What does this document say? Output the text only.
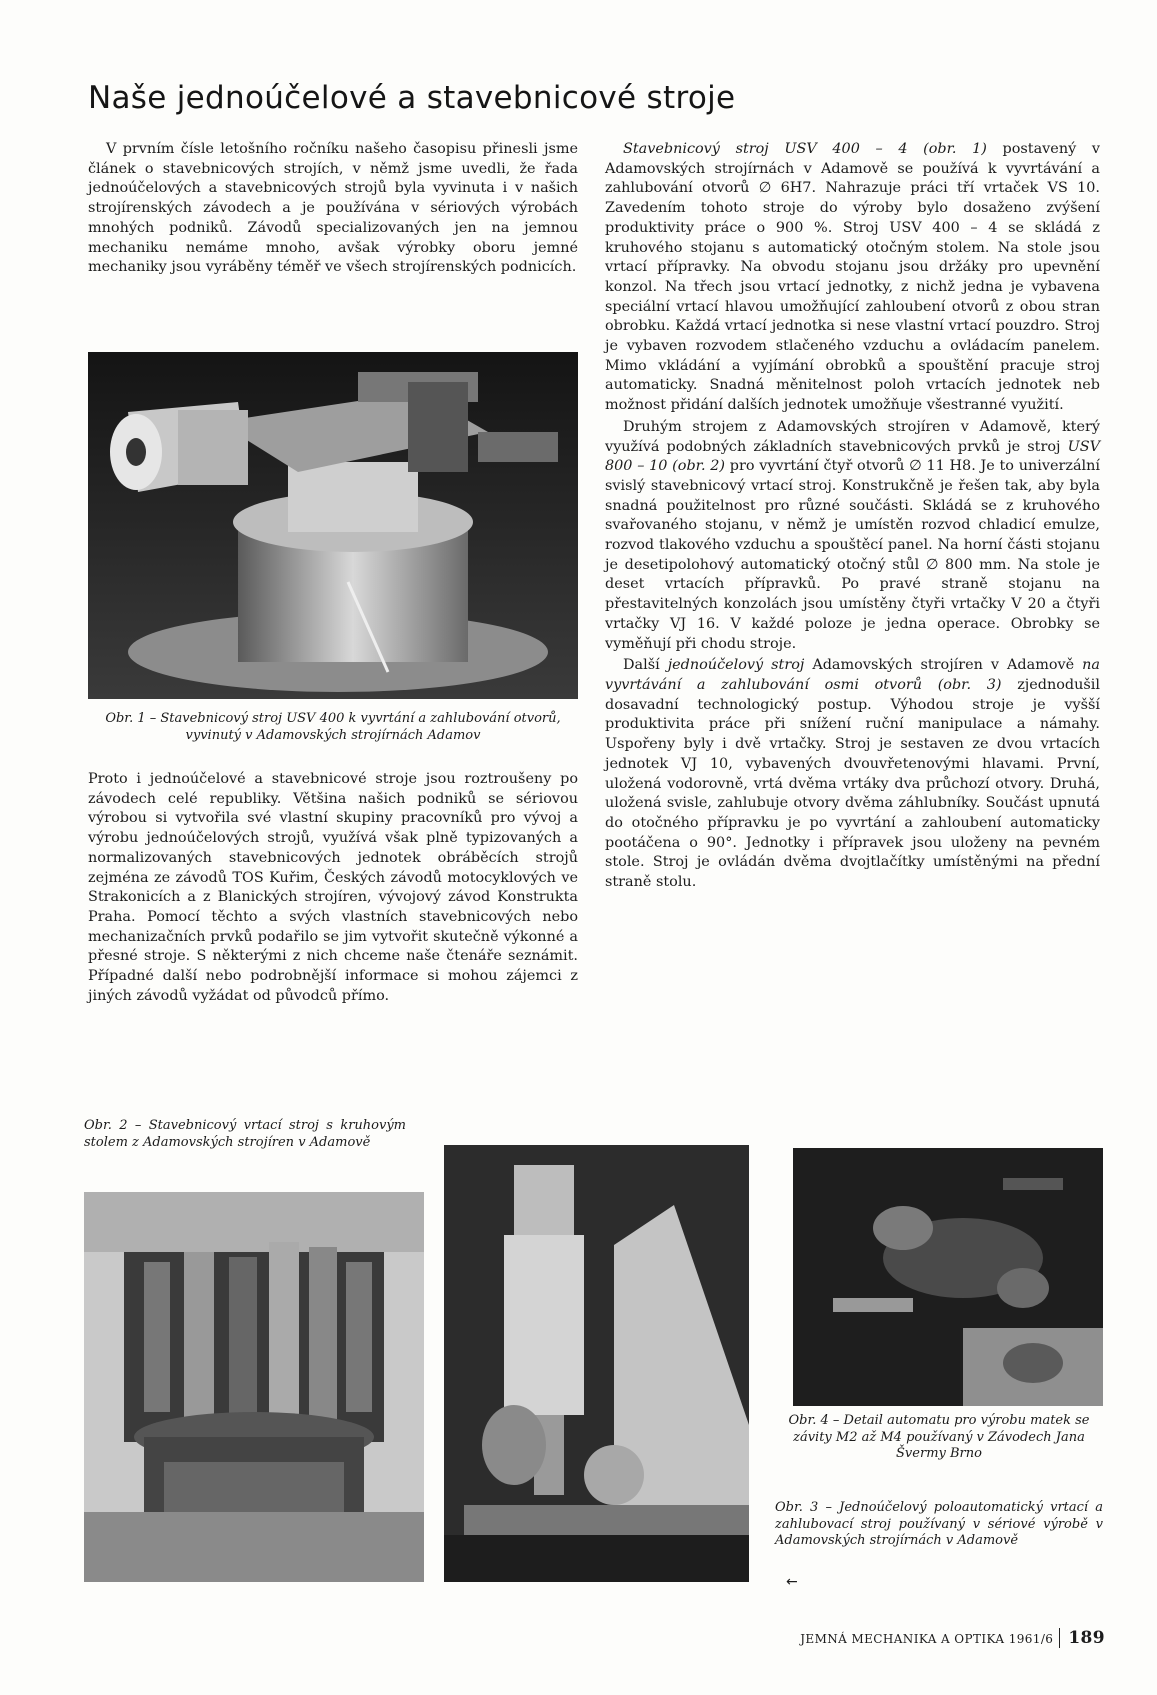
Naše jednoúčelové a stavebnicové stroje

V prvním čísle letošního ročníku našeho časopisu přinesli jsme článek o stavebnicových strojích, v němž jsme uvedli, že řada jednoúčelových a stavebnicových strojů byla vyvinuta i v našich strojírenských závodech a je používána v sériových výrobách mnohých podniků. Závodů specializovaných jen na jemnou mechaniku nemáme mnoho, avšak výrobky oboru jemné mechaniky jsou vyráběny téměř ve všech strojírenských podnicích.

Obr. 1 – Stavebnicový stroj USV 400 k vyvrtání a zahlubování otvorů, vyvinutý v Adamovských strojírnách Adamov

Proto i jednoúčelové a stavebnicové stroje jsou roztroušeny po závodech celé republiky. Většina našich podniků se sériovou výrobou si vytvořila své vlastní skupiny pracovníků pro vývoj a výrobu jednoúčelových strojů, využívá však plně typizovaných a normalizovaných stavebnicových jednotek obráběcích strojů zejména ze závodů TOS Kuřim, Českých závodů motocyklových ve Strakonicích a z Blanických strojíren, vývojový závod Konstrukta Praha. Pomocí těchto a svých vlastních stavebnicových nebo mechanizačních prvků podařilo se jim vytvořit skutečně výkonné a přesné stroje. S některými z nich chceme naše čtenáře seznámit. Případné další nebo podrobnější informace si mohou zájemci z jiných závodů vyžádat od původců přímo.

Stavebnicový stroj USV 400 – 4 (obr. 1) postavený v Adamovských strojírnách v Adamově se používá k vyvrtávání a zahlubování otvorů ∅ 6H7. Nahrazuje práci tří vrtaček VS 10. Zavedením tohoto stroje do výroby bylo dosaženo zvýšení produktivity práce o 900 %. Stroj USV 400 – 4 se skládá z kruhového stojanu s automatický otočným stolem. Na stole jsou vrtací přípravky. Na obvodu stojanu jsou držáky pro upevnění konzol. Na třech jsou vrtací jednotky, z nichž jedna je vybavena speciální vrtací hlavou umožňující zahloubení otvorů z obou stran obrobku. Každá vrtací jednotka si nese vlastní vrtací pouzdro. Stroj je vybaven rozvodem stlačeného vzduchu a ovládacím panelem. Mimo vkládání a vyjímání obrobků a spouštění pracuje stroj automaticky. Snadná měnitelnost poloh vrtacích jednotek neb možnost přidání dalších jednotek umožňuje všestranné využití.

Druhým strojem z Adamovských strojíren v Adamově, který využívá podobných základních stavebnicových prvků je stroj USV 800 – 10 (obr. 2) pro vyvrtání čtyř otvorů ∅ 11 H8. Je to univerzální svislý stavebnicový vrtací stroj. Konstrukčně je řešen tak, aby byla snadná použitelnost pro různé součásti. Skládá se z kruhového svařovaného stojanu, v němž je umístěn rozvod chladicí emulze, rozvod tlakového vzduchu a spouštěcí panel. Na horní části stojanu je desetipolohový automatický otočný stůl ∅ 800 mm. Na stole je deset vrtacích přípravků. Po pravé straně stojanu na přestavitelných konzolách jsou umístěny čtyři vrtačky V 20 a čtyři vrtačky VJ 16. V každé poloze je jedna operace. Obrobky se vyměňují při chodu stroje.

Další jednoúčelový stroj Adamovských strojíren v Adamově na vyvrtávání a zahlubování osmi otvorů (obr. 3) zjednodušil dosavadní technologický postup. Výhodou stroje je vyšší produktivita práce při snížení ruční manipulace a námahy. Uspořeny byly i dvě vrtačky. Stroj je sestaven ze dvou vrtacích jednotek VJ 10, vybavených dvouvřetenovými hlavami. První, uložená vodorovně, vrtá dvěma vrtáky dva průchozí otvory. Druhá, uložená svisle, zahlubuje otvory dvěma záhlubníky. Součást upnutá do otočného přípravku je po vyvrtání a zahloubení automaticky pootáčena o 90°. Jednotky i přípravek jsou uloženy na pevném stole. Stroj je ovládán dvěma dvojtlačítky umístěnými na přední straně stolu.

Obr. 2 – Stavebnicový vrtací stroj s kruhovým stolem z Adamovských strojíren v Adamově
Obr. 4 – Detail automatu pro výrobu matek se závity M2 až M4 používaný v Závodech Jana Švermy Brno
Obr. 3 – Jednoúčelový poloautomatický vrtací a zahlubovací stroj používaný v sériové výrobě v Adamovských strojírnách v Adamově
←
JEMNÁ MECHANIKA A OPTIKA 1961/6 189
